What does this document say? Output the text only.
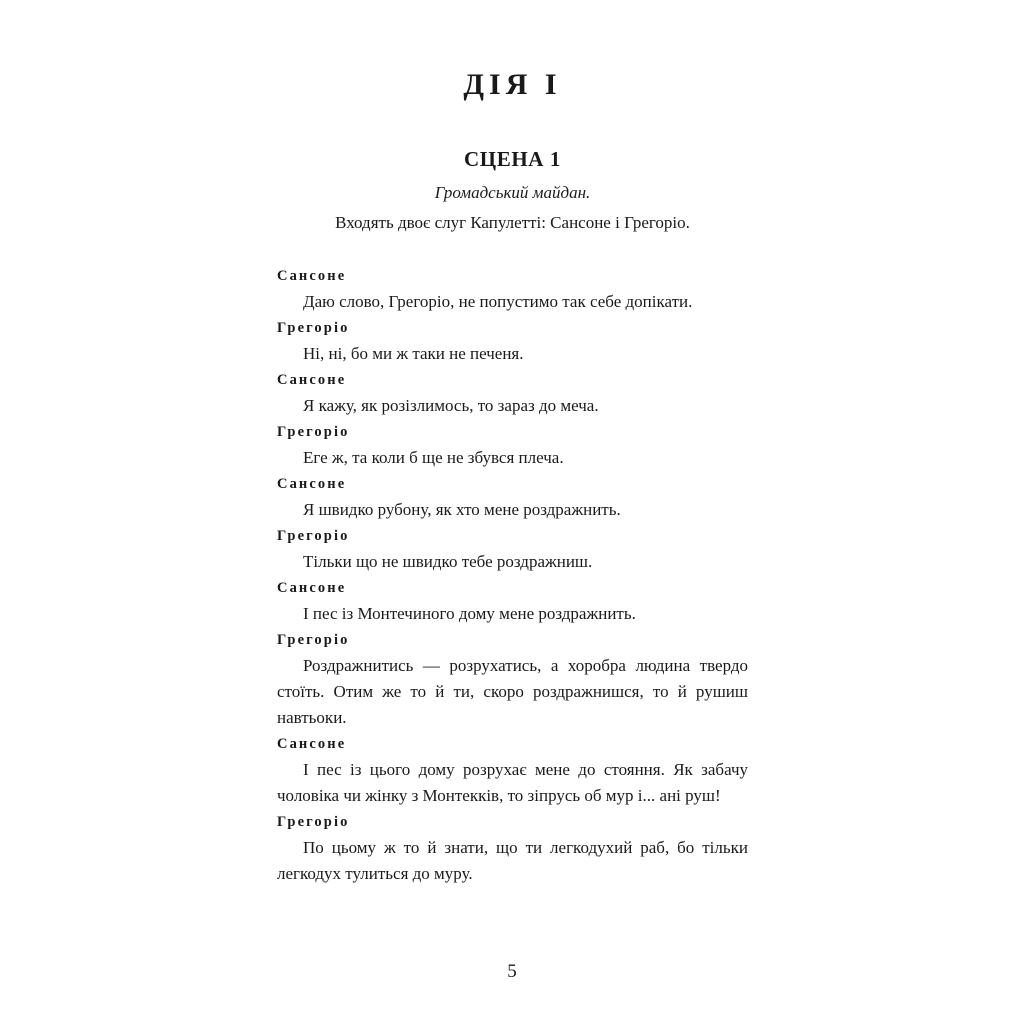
ДІЯ I
СЦЕНА 1

Громадський майдан.

Входять двоє слуг Капулетті: Сансоне і Грегоріо.

Сансоне

Даю слово, Грегоріо, не попустимо так себе допікати.

Грегоріо

Ні, ні, бо ми ж таки не печеня.

Сансоне

Я кажу, як розізлимось, то зараз до меча.

Грегоріо

Еге ж, та коли б ще не збувся плеча.

Сансоне

Я швидко рубону, як хто мене роздражнить.

Грегоріо

Тільки що не швидко тебе роздражниш.

Сансоне

І пес із Монтечиного дому мене роздражнить.

Грегоріо

Роздражнитись — розрухатись, а хоробра людина твердо стоїть. Отим же то й ти, скоро роздражнишся, то й рушиш навтьоки.

Сансоне

І пес із цього дому розрухає мене до стояння. Як забачу чоловіка чи жінку з Монтекків, то зіпрусь об мур і... ані руш!

Грегоріо

По цьому ж то й знати, що ти легкодухий раб, бо тільки легкодух тулиться до муру.

5
